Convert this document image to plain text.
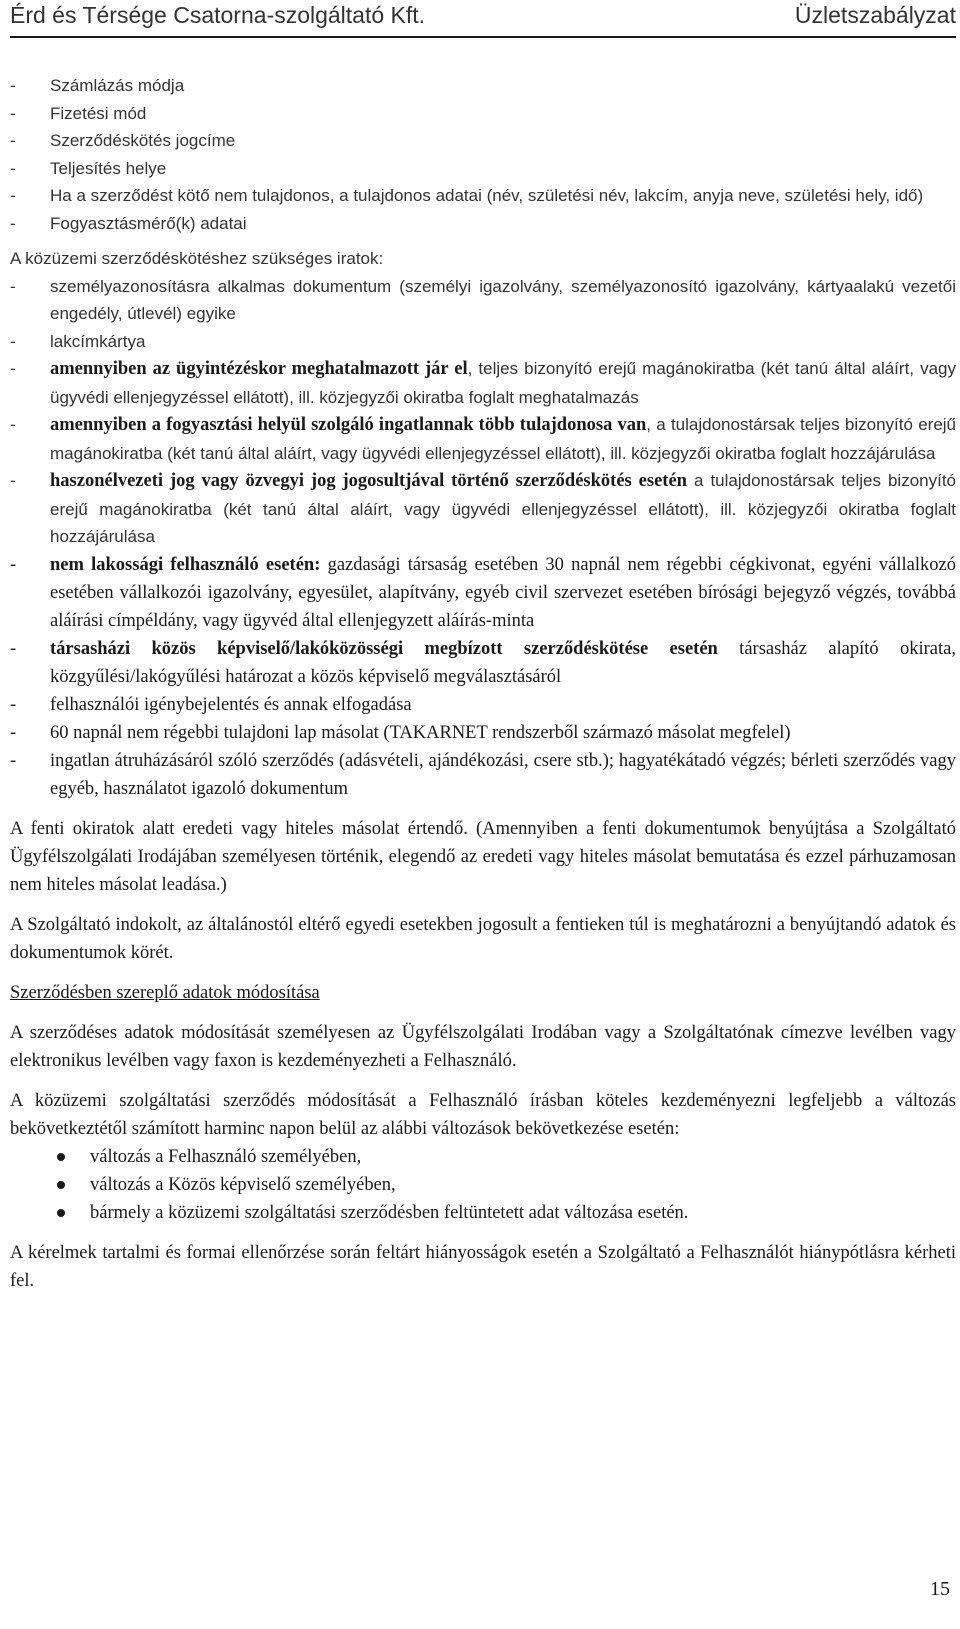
Érd és Térsége Csatorna-szolgáltató Kft.	Üzletszabályzat
- Számlázás módja
- Fizetési mód
- Szerződéskötés jogcíme
- Teljesítés helye
- Ha a szerződést kötő nem tulajdonos, a tulajdonos adatai (név, születési név, lakcím, anyja neve, születési hely, idő)
- Fogyasztásmérő(k) adatai

A közüzemi szerződéskötéshez szükséges iratok:

- személyazonosításra alkalmas dokumentum (személyi igazolvány, személyazonosító igazolvány, kártyaalakú vezetői engedély, útlevél) egyike
- lakcímkártya
- amennyiben az ügyintézéskor meghatalmazott jár el, teljes bizonyító erejű magánokiratba (két tanú által aláírt, vagy ügyvédi ellenjegyzéssel ellátott), ill. közjegyzői okiratba foglalt meghatalmazás
- amennyiben a fogyasztási helyül szolgáló ingatlannak több tulajdonosa van, a tulajdonostársak teljes bizonyító erejű magánokiratba (két tanú által aláírt, vagy ügyvédi ellenjegyzéssel ellátott), ill. közjegyzői okiratba foglalt hozzájárulása
- haszonélvezeti jog vagy özvegyi jog jogosultjával történő szerződéskötés esetén a tulajdonostársak teljes bizonyító erejű magánokiratba (két tanú által aláírt, vagy ügyvédi ellenjegyzéssel ellátott), ill. közjegyzői okiratba foglalt hozzájárulása
- nem lakossági felhasználó esetén: gazdasági társaság esetében 30 napnál nem régebbi cégkivonat, egyéni vállalkozó esetében vállalkozói igazolvány, egyesület, alapítvány, egyéb civil szervezet esetében bírósági bejegyző végzés, továbbá aláírási címpéldány, vagy ügyvéd által ellenjegyzett aláírás-minta
- társasházi közös képviselő/lakóközösségi megbízott szerződéskötése esetén társasház alapító okirata, közgyűlési/lakógyűlési határozat a közös képviselő megválasztásáról
- felhasználói igénybejelentés és annak elfogadása
- 60 napnál nem régebbi tulajdoni lap másolat (TAKARNET rendszerből származó másolat megfelel)
- ingatlan átruházásáról szóló szerződés (adásvételi, ajándékozási, csere stb.); hagyatékátadó végzés; bérleti szerződés vagy egyéb, használatot igazoló dokumentum

A fenti okiratok alatt eredeti vagy hiteles másolat értendő. (Amennyiben a fenti dokumentumok benyújtása a Szolgáltató Ügyfélszolgálati Irodájában személyesen történik, elegendő az eredeti vagy hiteles másolat bemutatása és ezzel párhuzamosan nem hiteles másolat leadása.)

A Szolgáltató indokolt, az általánostól eltérő egyedi esetekben jogosult a fentieken túl is meghatározni a benyújtandó adatok és dokumentumok körét.

Szerződésben szereplő adatok módosítása

A szerződéses adatok módosítását személyesen az Ügyfélszolgálati Irodában vagy a Szolgáltatónak címezve levélben vagy elektronikus levélben vagy faxon is kezdeményezheti a Felhasználó.

A közüzemi szolgáltatási szerződés módosítását a Felhasználó írásban köteles kezdeményezni legfeljebb a változás bekövetkeztétől számított harminc napon belül az alábbi változások bekövetkezése esetén:

változás a Felhasználó személyében,
változás a Közös képviselő személyében,
bármely a közüzemi szolgáltatási szerződésben feltüntetett adat változása esetén.

A kérelmek tartalmi és formai ellenőrzése során feltárt hiányosságok esetén a Szolgáltató a Felhasználót hiánypótlásra kérheti fel.

15
